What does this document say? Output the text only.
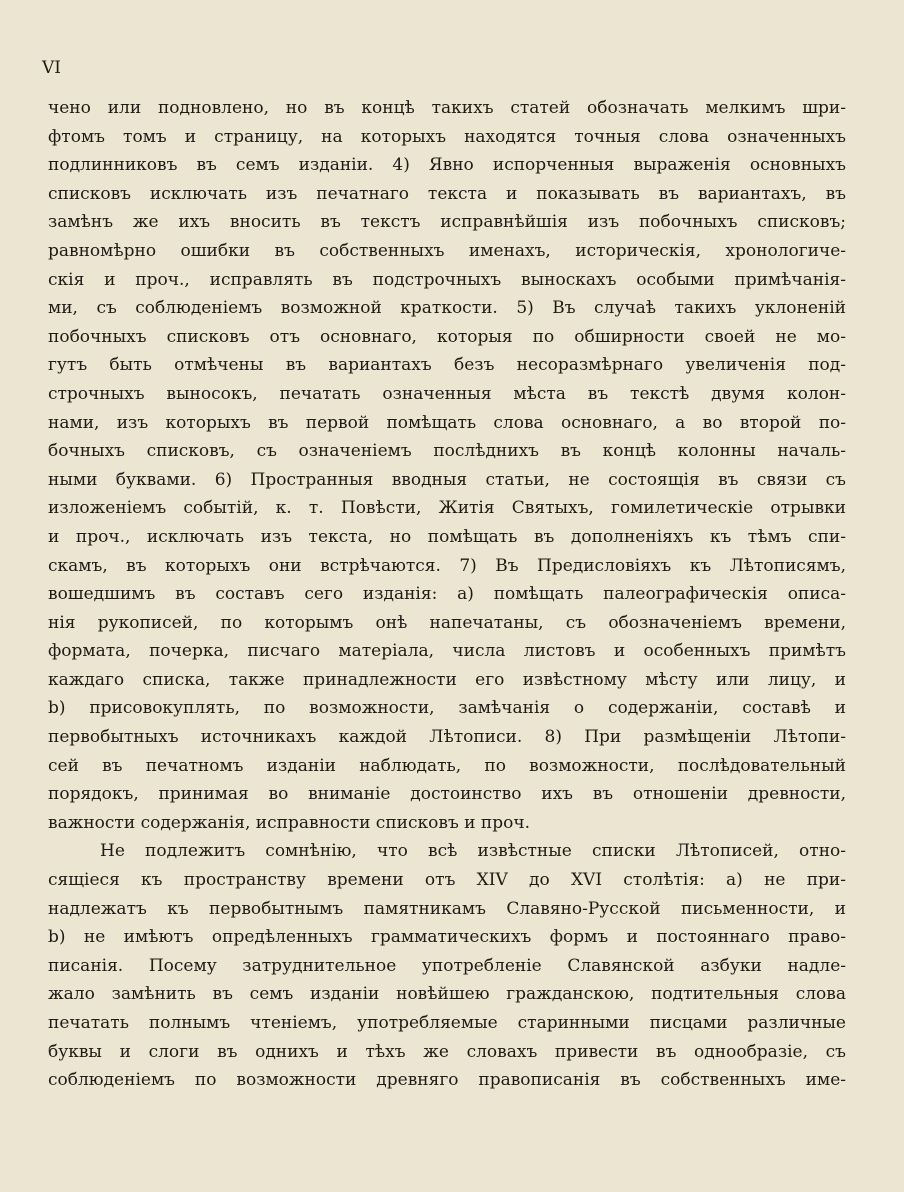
VI
чено или подновлено, но въ концѣ такихъ статей обозначать мелкимъ шри-
фтомъ томъ и страницу, на которыхъ находятся точныя слова означенныхъ
подлинниковъ въ семъ изданіи. 4) Явно испорченныя выраженія основныхъ
списковъ исключать изъ печатнаго текста и показывать въ вариантахъ, въ
замѣнъ же ихъ вносить въ текстъ исправнѣйшія изъ побочныхъ списковъ;
равномѣрно ошибки въ собственныхъ именахъ, историческія, хронологиче-
скія и проч., исправлять въ подстрочныхъ выноскахъ особыми примѣчанія-
ми, съ соблюденіемъ возможной краткости. 5) Въ случаѣ такихъ уклоненій
побочныхъ списковъ отъ основнаго, которыя по обширности своей не мо-
гутъ быть отмѣчены въ вариантахъ безъ несоразмѣрнаго увеличенія под-
строчныхъ выносокъ, печатать означенныя мѣста въ текстѣ двумя колон-
нами, изъ которыхъ въ первой помѣщать слова основнаго, а во второй по-
бочныхъ списковъ, съ означеніемъ послѣднихъ въ концѣ колонны началь-
ными буквами. 6) Пространныя вводныя статьи, не состоящія въ связи съ
изложеніемъ событій, к. т. Повѣсти, Житія Святыхъ, гомилетическіе отрывки
и проч., исключать изъ текста, но помѣщать въ дополненіяхъ къ тѣмъ спи-
скамъ, въ которыхъ они встрѣчаются. 7) Въ Предисловіяхъ къ Лѣтописямъ,
вошедшимъ въ составъ сего изданія: а) помѣщать палеографическія описа-
нія рукописей, по которымъ онѣ напечатаны, съ обозначеніемъ времени,
формата, почерка, писчаго матеріала, числа листовъ и особенныхъ примѣтъ
каждаго списка, также принадлежности его извѣстному мѣсту или лицу, и
b) присовокуплять, по возможности, замѣчанія о содержаніи, составѣ и
первобытныхъ источникахъ каждой Лѣтописи. 8) При размѣщеніи Лѣтопи-
сей въ печатномъ изданіи наблюдать, по возможности, послѣдовательный
порядокъ, принимая во вниманіе достоинство ихъ въ отношеніи древности,
важности содержанія, исправности списковъ и проч.
Не подлежитъ сомнѣнію, что всѣ извѣстные списки Лѣтописей, отно-
сящіеся къ пространству времени отъ XIV до XVI столѣтія: а) не при-
надлежатъ къ первобытнымъ памятникамъ Славяно-Русской письменности, и
b) не имѣютъ опредѣленныхъ грамматическихъ формъ и постояннаго право-
писанія. Посему затруднительное употребленіе Славянской азбуки надле-
жало замѣнить въ семъ изданіи новѣйшею гражданскою, подтительныя слова
печатать полнымъ чтеніемъ, употребляемые старинными писцами различные
буквы и слоги въ однихъ и тѣхъ же словахъ привести въ однообразіе, съ
соблюденіемъ по возможности древняго правописанія въ собственныхъ име-
